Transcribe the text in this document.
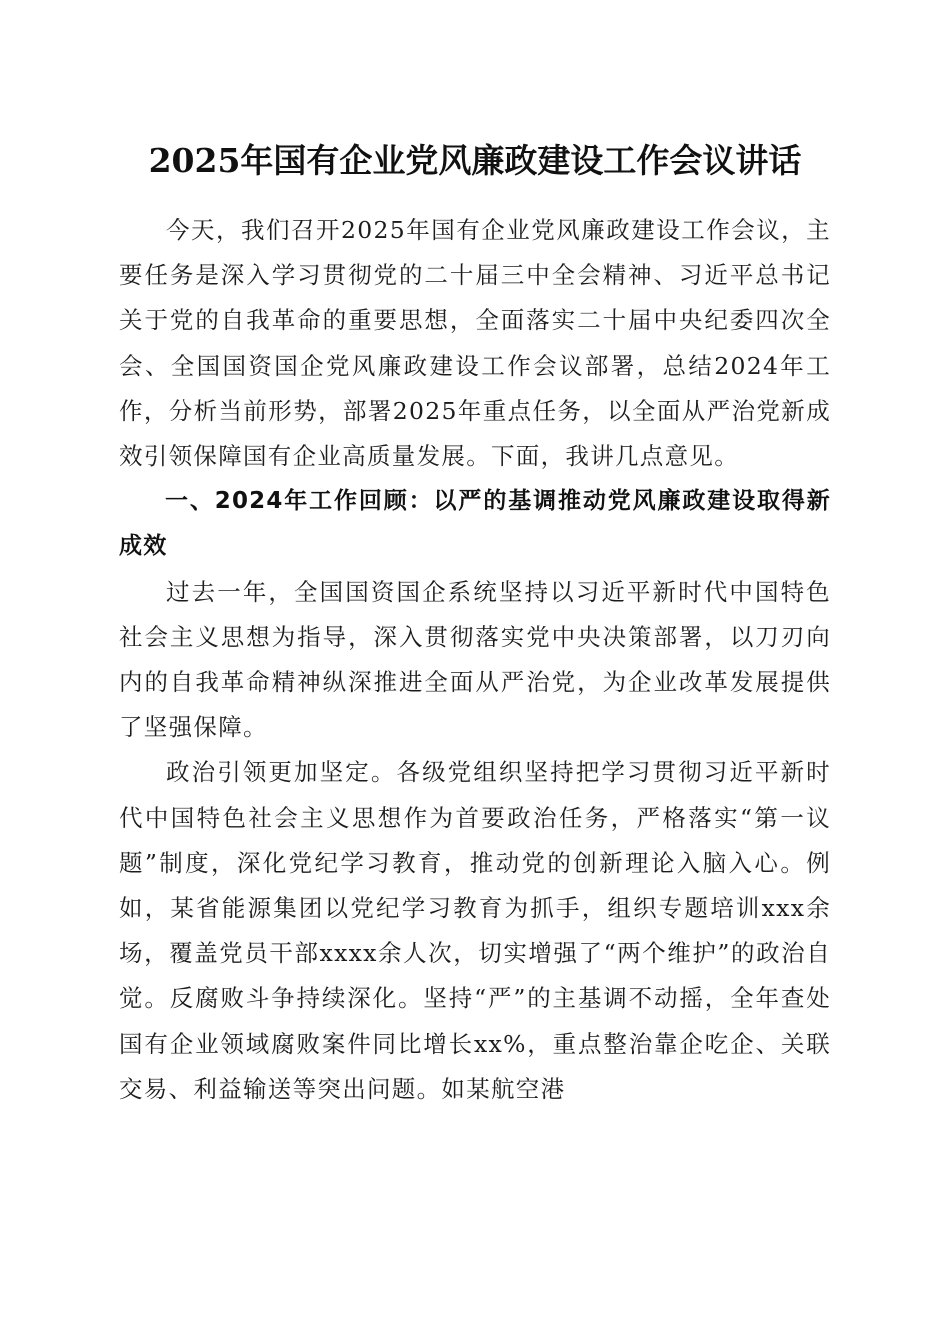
2025年国有企业党风廉政建设工作会议讲话

今天，我们召开2025年国有企业党风廉政建设工作会议，主要任务是深入学习贯彻党的二十届三中全会精神、习近平总书记关于党的自我革命的重要思想，全面落实二十届中央纪委四次全会、全国国资国企党风廉政建设工作会议部署，总结2024年工作，分析当前形势，部署2025年重点任务，以全面从严治党新成效引领保障国有企业高质量发展。下面，我讲几点意见。

一、2024年工作回顾：以严的基调推动党风廉政建设取得新成效

过去一年，全国国资国企系统坚持以习近平新时代中国特色社会主义思想为指导，深入贯彻落实党中央决策部署，以刀刃向内的自我革命精神纵深推进全面从严治党，为企业改革发展提供了坚强保障。

政治引领更加坚定。各级党组织坚持把学习贯彻习近平新时代中国特色社会主义思想作为首要政治任务，严格落实“第一议题”制度，深化党纪学习教育，推动党的创新理论入脑入心。例如，某省能源集团以党纪学习教育为抓手，组织专题培训xxx余场，覆盖党员干部xxxx余人次，切实增强了“两个维护”的政治自觉。反腐败斗争持续深化。坚持“严”的主基调不动摇，全年查处国有企业领域腐败案件同比增长xx%，重点整治靠企吃企、关联交易、利益输送等突出问题。如某航空港
